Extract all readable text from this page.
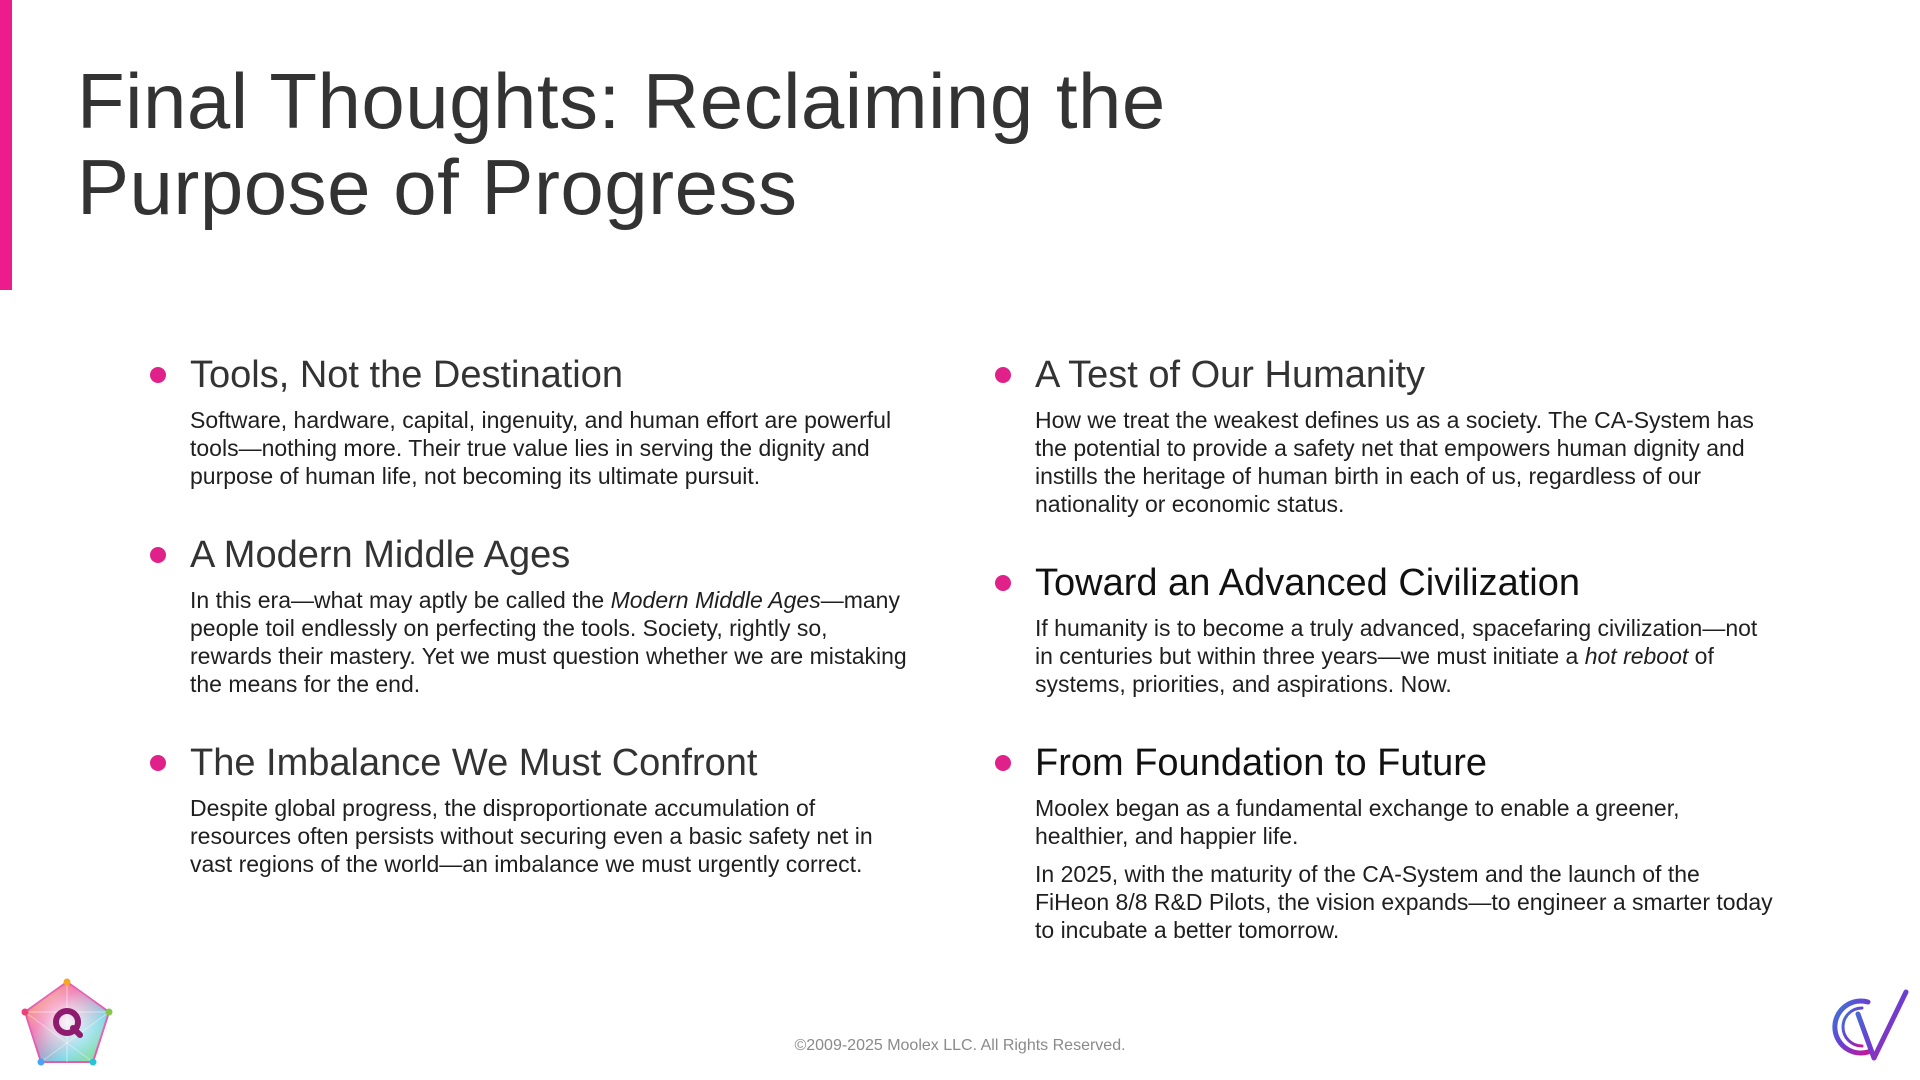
Final Thoughts: Reclaiming the Purpose of Progress
Tools, Not the Destination

Software, hardware, capital, ingenuity, and human effort are powerful tools—nothing more. Their true value lies in serving the dignity and purpose of human life, not becoming its ultimate pursuit.

A Modern Middle Ages

In this era—what may aptly be called the Modern Middle Ages—many people toil endlessly on perfecting the tools. Society, rightly so, rewards their mastery. Yet we must question whether we are mistaking the means for the end.

The Imbalance We Must Confront

Despite global progress, the disproportionate accumulation of resources often persists without securing even a basic safety net in vast regions of the world—an imbalance we must urgently correct.

A Test of Our Humanity

How we treat the weakest defines us as a society. The CA-System has the potential to provide a safety net that empowers human dignity and instills the heritage of human birth in each of us, regardless of our nationality or economic status.

Toward an Advanced Civilization

If humanity is to become a truly advanced, spacefaring civilization—not in centuries but within three years—we must initiate a hot reboot of systems, priorities, and aspirations. Now.

From Foundation to Future

Moolex began as a fundamental exchange to enable a greener, healthier, and happier life.

In 2025, with the maturity of the CA-System and the launch of the FiHeon 8/8 R&D Pilots, the vision expands—to engineer a smarter today to incubate a better tomorrow.

©2009-2025 Moolex LLC. All Rights Reserved.
